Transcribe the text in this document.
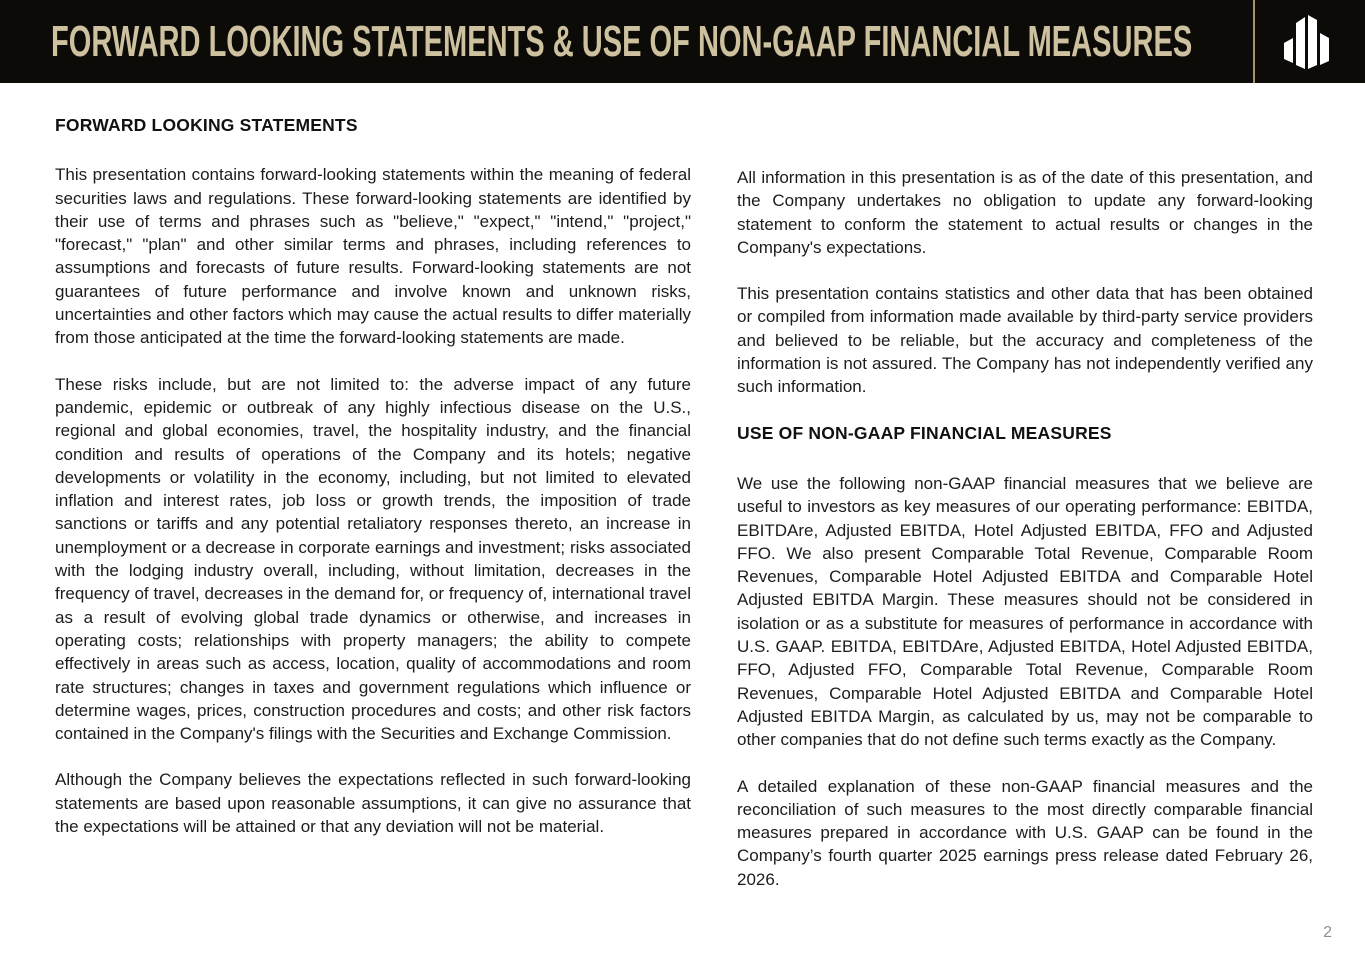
FORWARD LOOKING STATEMENTS & USE OF NON-GAAP FINANCIAL MEASURES
FORWARD LOOKING STATEMENTS

This presentation contains forward-looking statements within the meaning of federal securities laws and regulations. These forward-looking statements are identified by their use of terms and phrases such as "believe," "expect," "intend," "project," "forecast," "plan" and other similar terms and phrases, including references to assumptions and forecasts of future results. Forward-looking statements are not guarantees of future performance and involve known and unknown risks, uncertainties and other factors which may cause the actual results to differ materially from those anticipated at the time the forward-looking statements are made.

These risks include, but are not limited to: the adverse impact of any future pandemic, epidemic or outbreak of any highly infectious disease on the U.S., regional and global economies, travel, the hospitality industry, and the financial condition and results of operations of the Company and its hotels; negative developments or volatility in the economy, including, but not limited to elevated inflation and interest rates, job loss or growth trends, the imposition of trade sanctions or tariffs and any potential retaliatory responses thereto, an increase in unemployment or a decrease in corporate earnings and investment; risks associated with the lodging industry overall, including, without limitation, decreases in the frequency of travel, decreases in the demand for, or frequency of, international travel as a result of evolving global trade dynamics or otherwise, and increases in operating costs; relationships with property managers; the ability to compete effectively in areas such as access, location, quality of accommodations and room rate structures; changes in taxes and government regulations which influence or determine wages, prices, construction procedures and costs; and other risk factors contained in the Company's filings with the Securities and Exchange Commission.

Although the Company believes the expectations reflected in such forward-looking statements are based upon reasonable assumptions, it can give no assurance that the expectations will be attained or that any deviation will not be material.

All information in this presentation is as of the date of this presentation, and the Company undertakes no obligation to update any forward-looking statement to conform the statement to actual results or changes in the Company's expectations.

This presentation contains statistics and other data that has been obtained or compiled from information made available by third-party service providers and believed to be reliable, but the accuracy and completeness of the information is not assured. The Company has not independently verified any such information.

USE OF NON-GAAP FINANCIAL MEASURES

We use the following non-GAAP financial measures that we believe are useful to investors as key measures of our operating performance: EBITDA, EBITDAre, Adjusted EBITDA, Hotel Adjusted EBITDA, FFO and Adjusted FFO. We also present Comparable Total Revenue, Comparable Room Revenues, Comparable Hotel Adjusted EBITDA and Comparable Hotel Adjusted EBITDA Margin. These measures should not be considered in isolation or as a substitute for measures of performance in accordance with U.S. GAAP. EBITDA, EBITDAre, Adjusted EBITDA, Hotel Adjusted EBITDA, FFO, Adjusted FFO, Comparable Total Revenue, Comparable Room Revenues, Comparable Hotel Adjusted EBITDA and Comparable Hotel Adjusted EBITDA Margin, as calculated by us, may not be comparable to other companies that do not define such terms exactly as the Company.

A detailed explanation of these non-GAAP financial measures and the reconciliation of such measures to the most directly comparable financial measures prepared in accordance with U.S. GAAP can be found in the Company’s fourth quarter 2025 earnings press release dated February 26, 2026.

2
